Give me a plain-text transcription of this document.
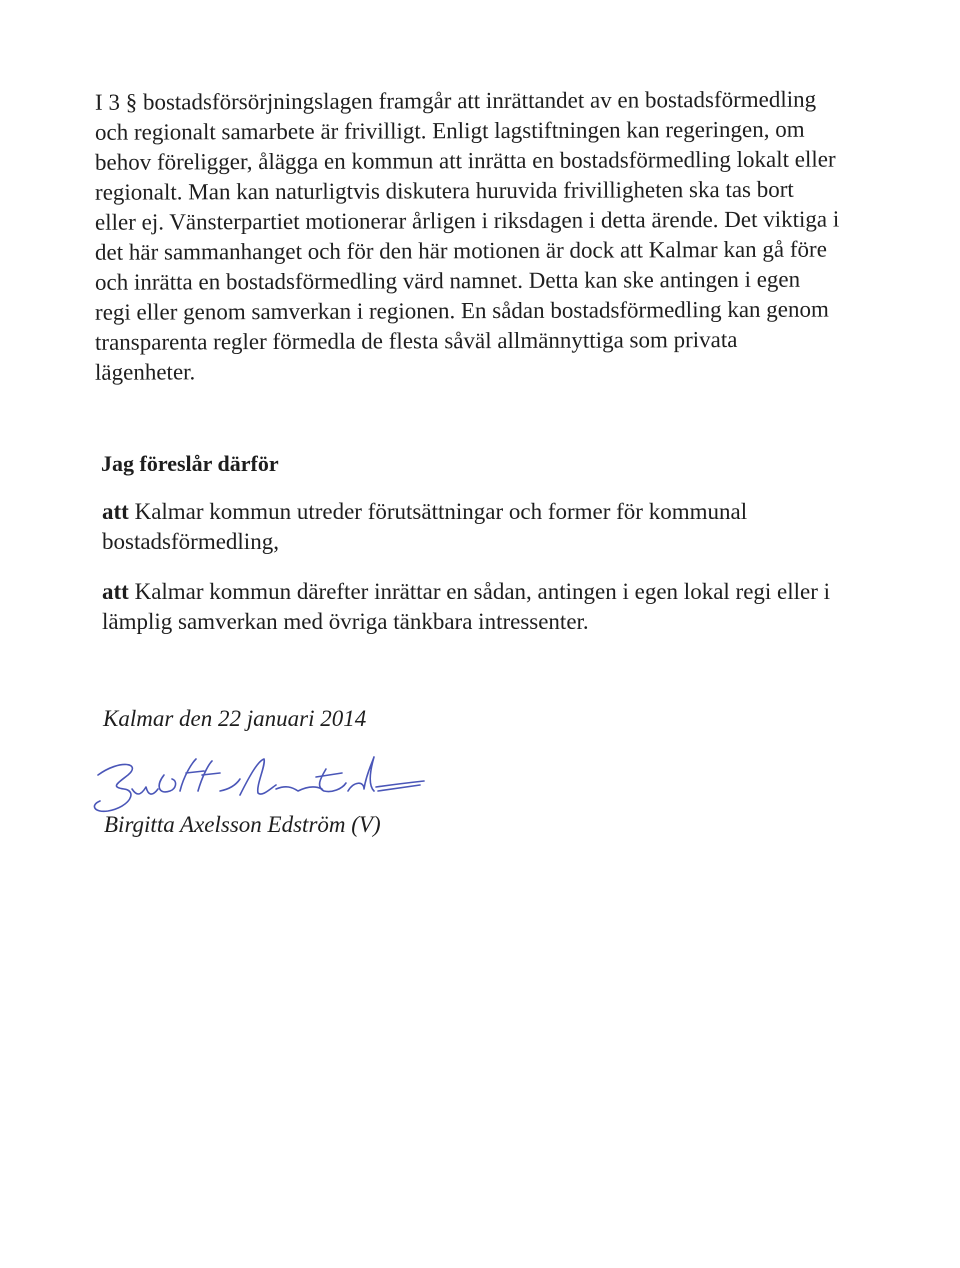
I 3 § bostadsförsörjningslagen framgår att inrättandet av en bostadsförmedling
och regionalt samarbete är frivilligt. Enligt lagstiftningen kan regeringen, om
behov föreligger, ålägga en kommun att inrätta en bostadsförmedling lokalt eller
regionalt. Man kan naturligtvis diskutera huruvida frivilligheten ska tas bort
eller ej. Vänsterpartiet motionerar årligen i riksdagen i detta ärende. Det viktiga i
det här sammanhanget och för den här motionen är dock att Kalmar kan gå före
och inrätta en bostadsförmedling värd namnet. Detta kan ske antingen i egen
regi eller genom samverkan i regionen. En sådan bostadsförmedling kan genom
transparenta regler förmedla de flesta såväl allmännyttiga som privata
lägenheter.

Jag föreslår därför

att Kalmar kommun utreder förutsättningar och former för kommunal
bostadsförmedling,

att Kalmar kommun därefter inrättar en sådan, antingen i egen lokal regi eller i
lämplig samverkan med övriga tänkbara intressenter.

Kalmar den 22 januari 2014

Birgitta Axelsson Edström (V)
